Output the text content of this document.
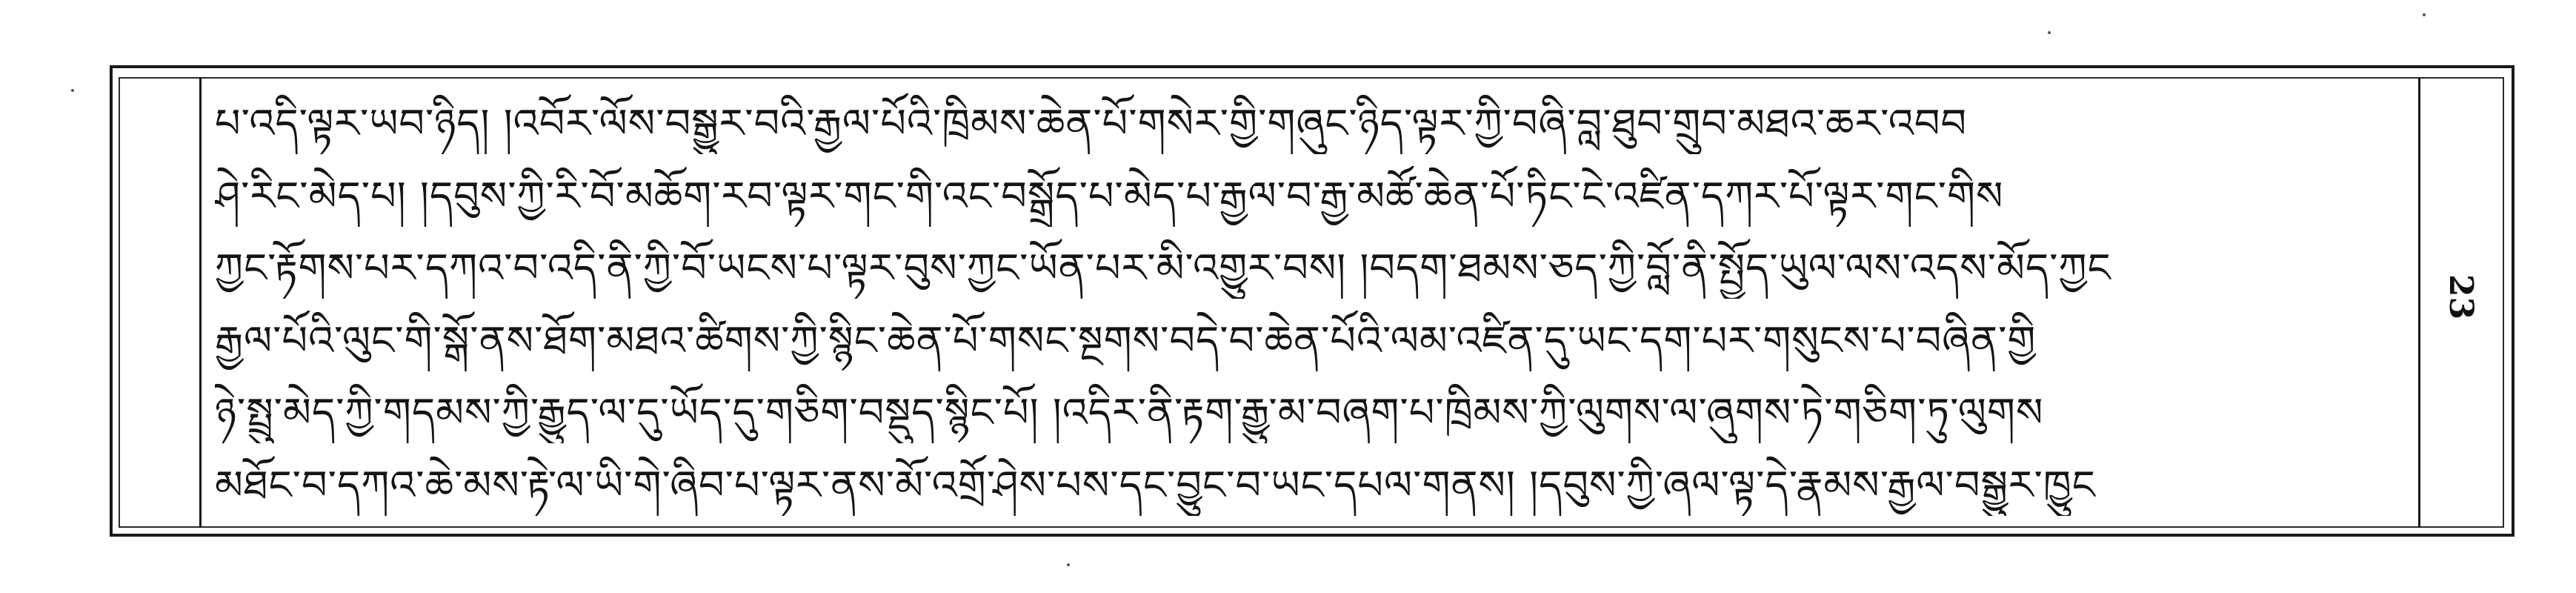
23
པ་འདི་ལྟར་ཡབ་ཉིད། །འབོར་ལོས་བསྒྱུར་བའི་རྒྱལ་པོའི་ཁྲིམས་ཆེན་པོ་གསེར་གྱི་གཞུང་ཉིད་ལྟར་ཀྱི་བཞི་བླ་ཐུབ་གྲུབ་མཐའ་ཆར་འབབ
ཤེ་རིང་མེད་པ། །དབུས་ཀྱི་རི་བོ་མཆོག་རབ་ལྟར་གང་གི་འང་བསྒྲོད་པ་མེད་པ་རྒྱལ་བ་རྒྱ་མཚོ་ཆེན་པོ་ཏིང་ངེ་འཛིན་དཀར་པོ་ལྟར་གང་གིས
ཀྱང་རྟོགས་པར་དཀའ་བ་འདི་ནི་ཀྱི་བོ་ཡངས་པ་ལྟར་བུས་ཀྱང་ཡོན་པར་མི་འགྱུར་བས། །བདག་ཐམས་ཅད་ཀྱི་བློ་ནི་སྤྱོད་ཡུལ་ལས་འདས་མོད་ཀྱང
རྒྱལ་པོའི་ལུང་གི་སྒོ་ནས་ཐོག་མཐའ་ཚིགས་ཀྱི་སྙིང་ཆེན་པོ་གསང་སྔགས་བདེ་བ་ཆེན་པོའི་ལམ་འཛིན་དུ་ཡང་དག་པར་གསུངས་པ་བཞིན་གྱི
ཉེ་སྤྲུ་མེད་ཀྱི་གདམས་ཀྱི་རྒྱུད་ལ་དུ་ཡོད་དུ་གཅིག་བསྡུད་སྙིང་པོ། །འདིར་ནི་རྟག་རྒྱུ་མ་བཞག་པ་ཁྲིམས་ཀྱི་ལུགས་ལ་ཞུགས་ཏེ་གཅིག་ཏུ་ལུགས
མཐོང་བ་དཀའ་ཆེ་མས་རྟེ་ལ་ཡི་གེ་ཞིབ་པ་ལྟར་ནས་མོ་འགྲོ་ཤེས་པས་དང་བྱུང་བ་ཡང་དཔལ་གནས། །དབུས་ཀྱི་ཞལ་ལྟ་དེ་རྣམས་རྒྱལ་བསྒྱུར་ཁྱུང
